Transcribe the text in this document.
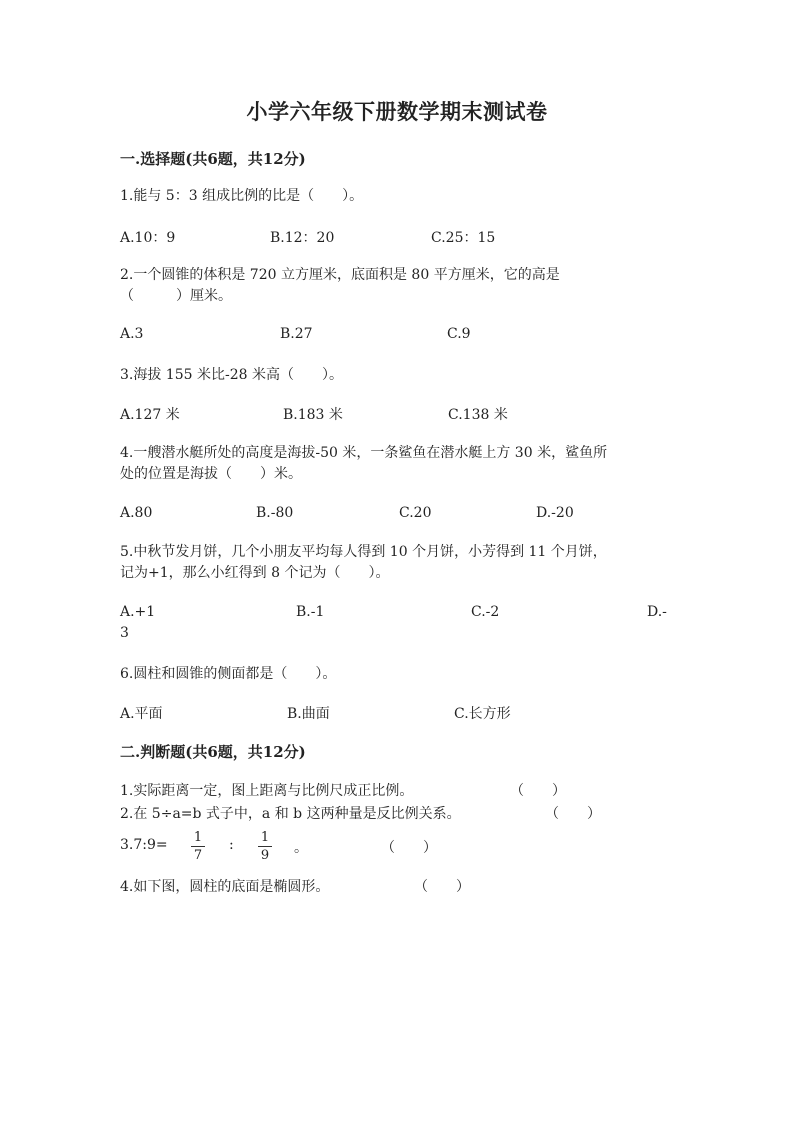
小学六年级下册数学期末测试卷
一.选择题(共6题，共12分)
1.能与 5：3 组成比例的比是（　　）。
A.10：9	B.12：20	C.25：15
2.一个圆锥的体积是 720 立方厘米，底面积是 80 平方厘米，它的高是
（　　　）厘米。
A.3	B.27	C.9
3.海拔 155 米比-28 米高（　　）。
A.127 米	B.183 米	C.138 米
4.一艘潜水艇所处的高度是海拔-50 米，一条鲨鱼在潜水艇上方 30 米，鲨鱼所
处的位置是海拔（　　）米。
A.80	B.-80	C.20	D.-20
5.中秋节发月饼，几个小朋友平均每人得到 10 个月饼，小芳得到 11 个月饼，
记为+1，那么小红得到 8 个记为（　　）。
A.+1	B.-1	C.-2	D.-
3
6.圆柱和圆锥的侧面都是（　　）。
A.平面	B.曲面	C.长方形
二.判断题(共6题，共12分)
1.实际距离一定，图上距离与比例尺成正比例。	（　　）
2.在 5÷a=b 式子中，a 和 b 这两种量是反比例关系。	（　　）
3.7:9= 1
7
: 1
9 。	（　　）
4.如下图，圆柱的底面是椭圆形。	（　　）
